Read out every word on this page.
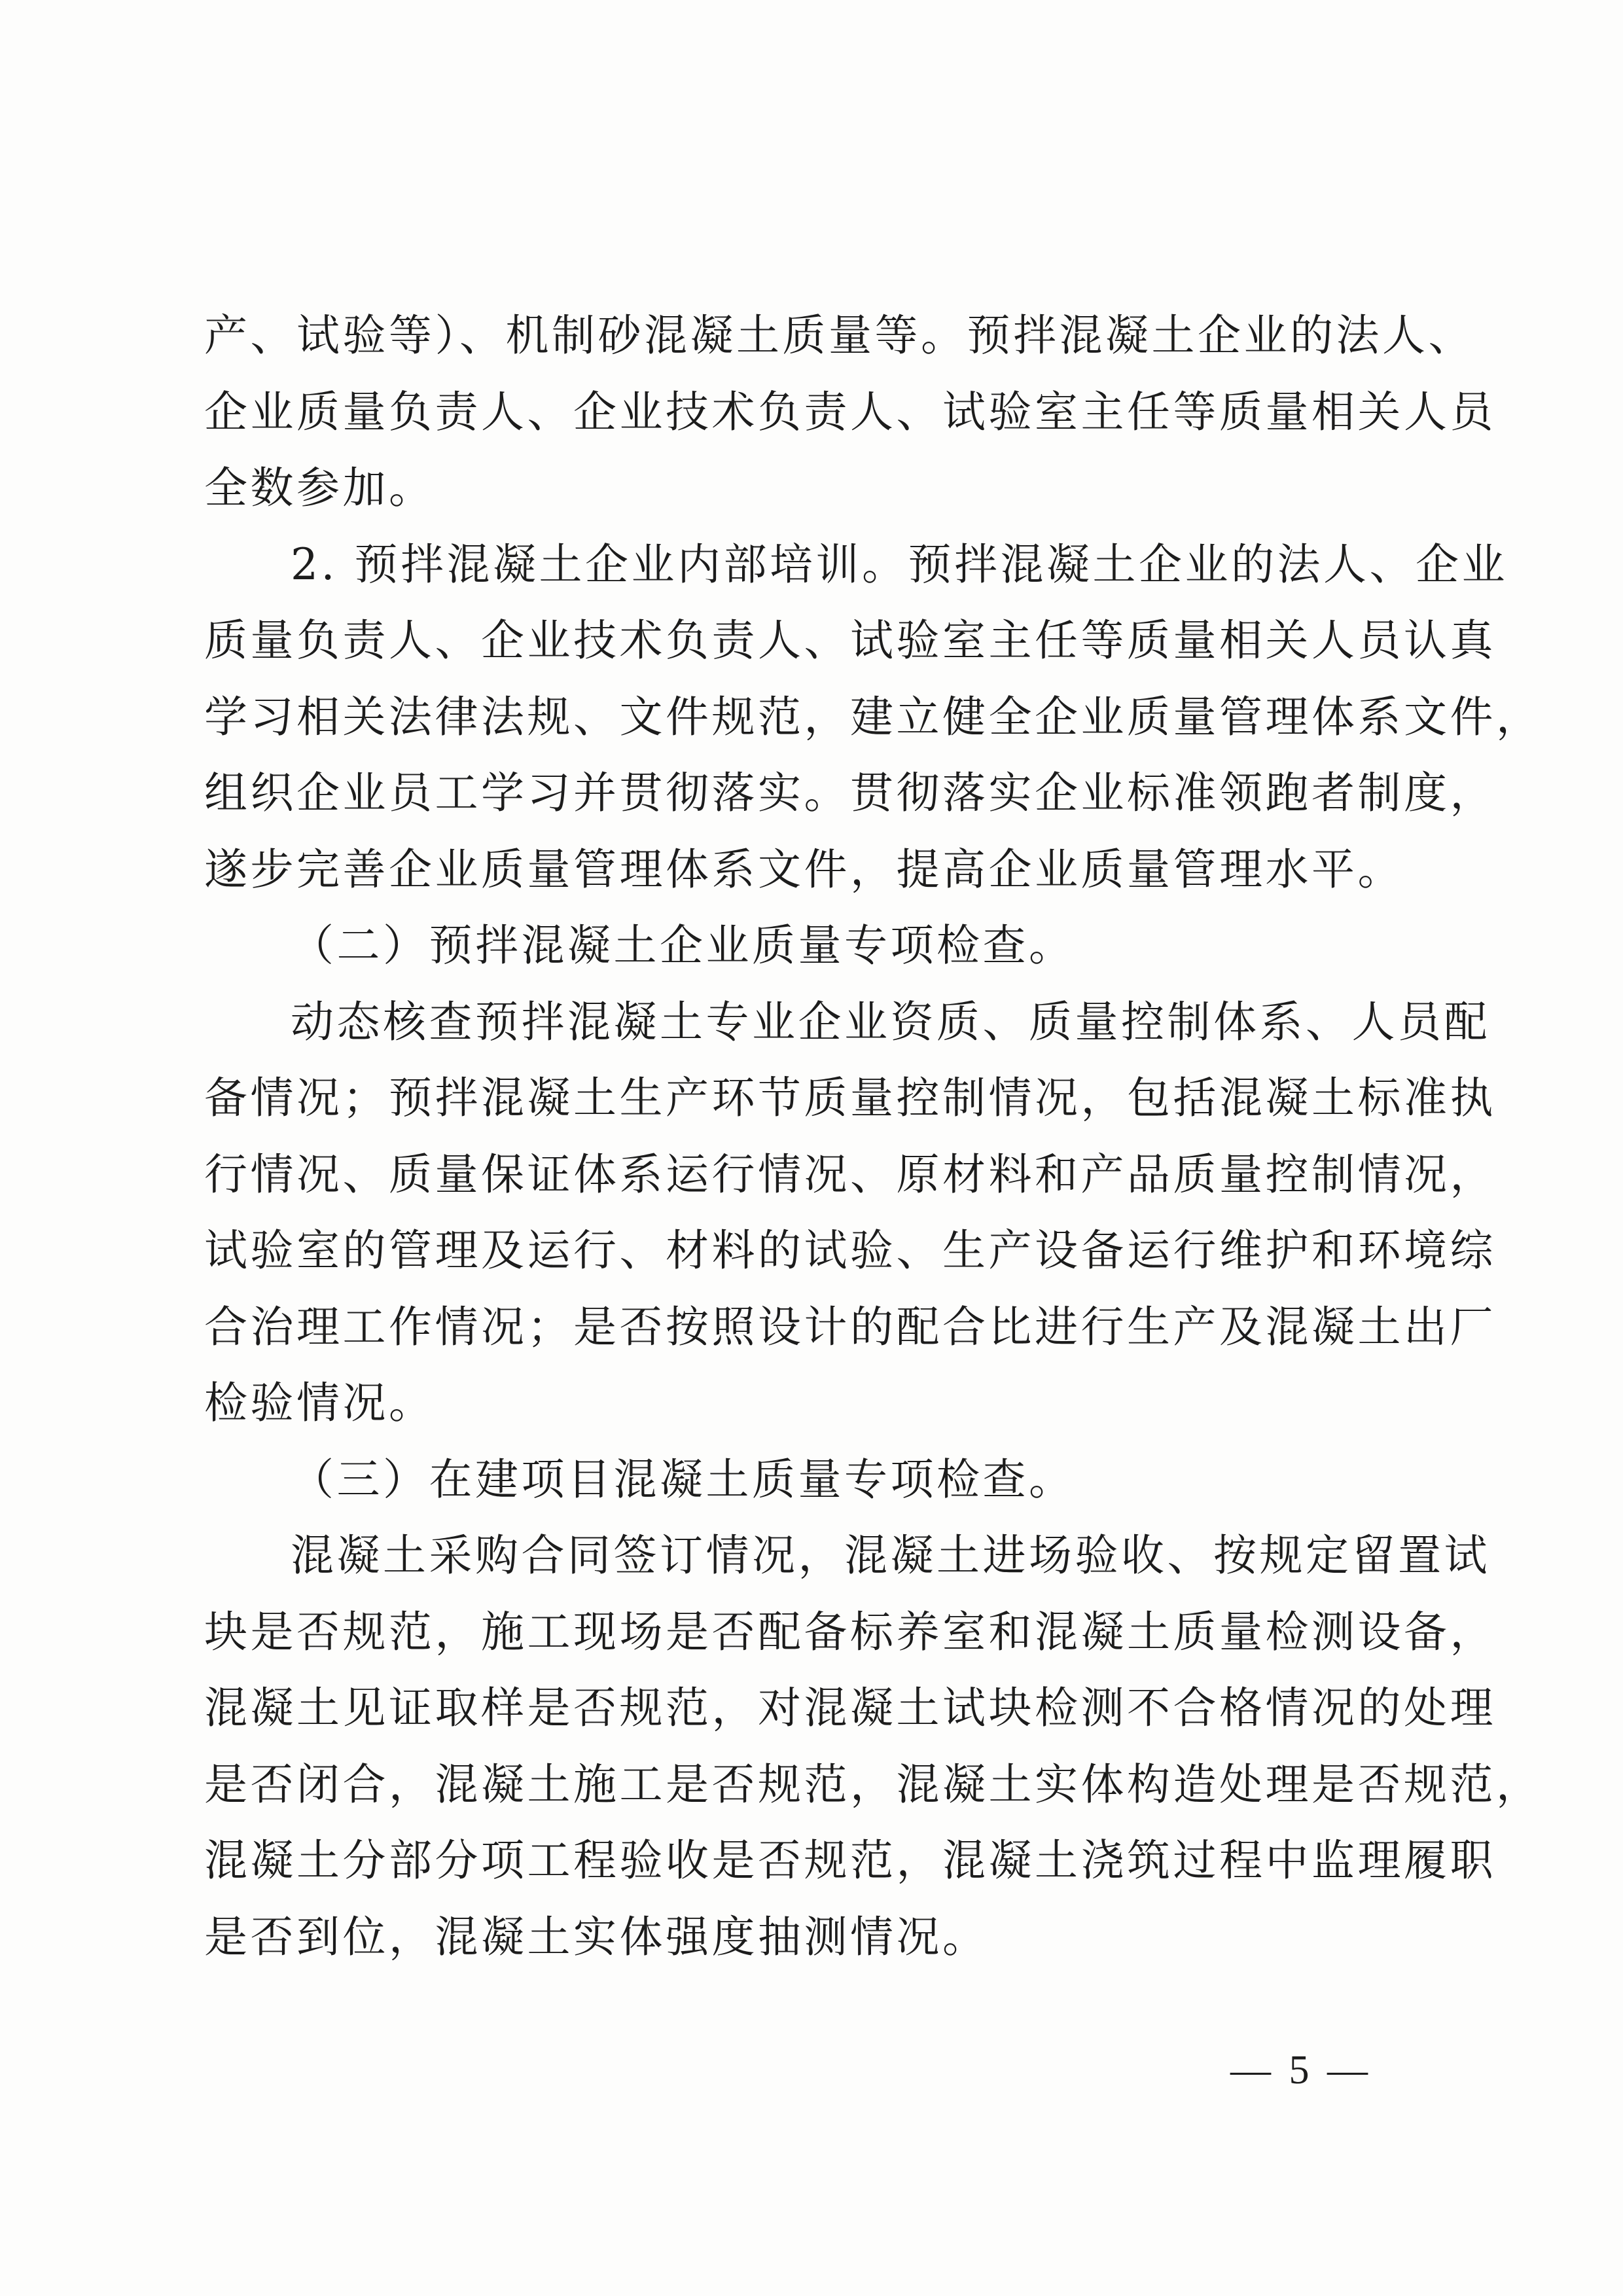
产、试验等）、机制砂混凝土质量等。预拌混凝土企业的法人、
企业质量负责人、企业技术负责人、试验室主任等质量相关人员
全数参加。
2. 预拌混凝土企业内部培训。预拌混凝土企业的法人、企业
质量负责人、企业技术负责人、试验室主任等质量相关人员认真
学习相关法律法规、文件规范，建立健全企业质量管理体系文件，
组织企业员工学习并贯彻落实。贯彻落实企业标准领跑者制度，
遂步完善企业质量管理体系文件，提高企业质量管理水平。
（二）预拌混凝土企业质量专项检查。
动态核查预拌混凝土专业企业资质、质量控制体系、人员配
备情况；预拌混凝土生产环节质量控制情况，包括混凝土标准执
行情况、质量保证体系运行情况、原材料和产品质量控制情况，
试验室的管理及运行、材料的试验、生产设备运行维护和环境综
合治理工作情况；是否按照设计的配合比进行生产及混凝土出厂
检验情况。
（三）在建项目混凝土质量专项检查。
混凝土采购合同签订情况，混凝土进场验收、按规定留置试
块是否规范，施工现场是否配备标养室和混凝土质量检测设备，
混凝土见证取样是否规范，对混凝土试块检测不合格情况的处理
是否闭合，混凝土施工是否规范，混凝土实体构造处理是否规范，
混凝土分部分项工程验收是否规范，混凝土浇筑过程中监理履职
是否到位，混凝土实体强度抽测情况。
— 5 —
